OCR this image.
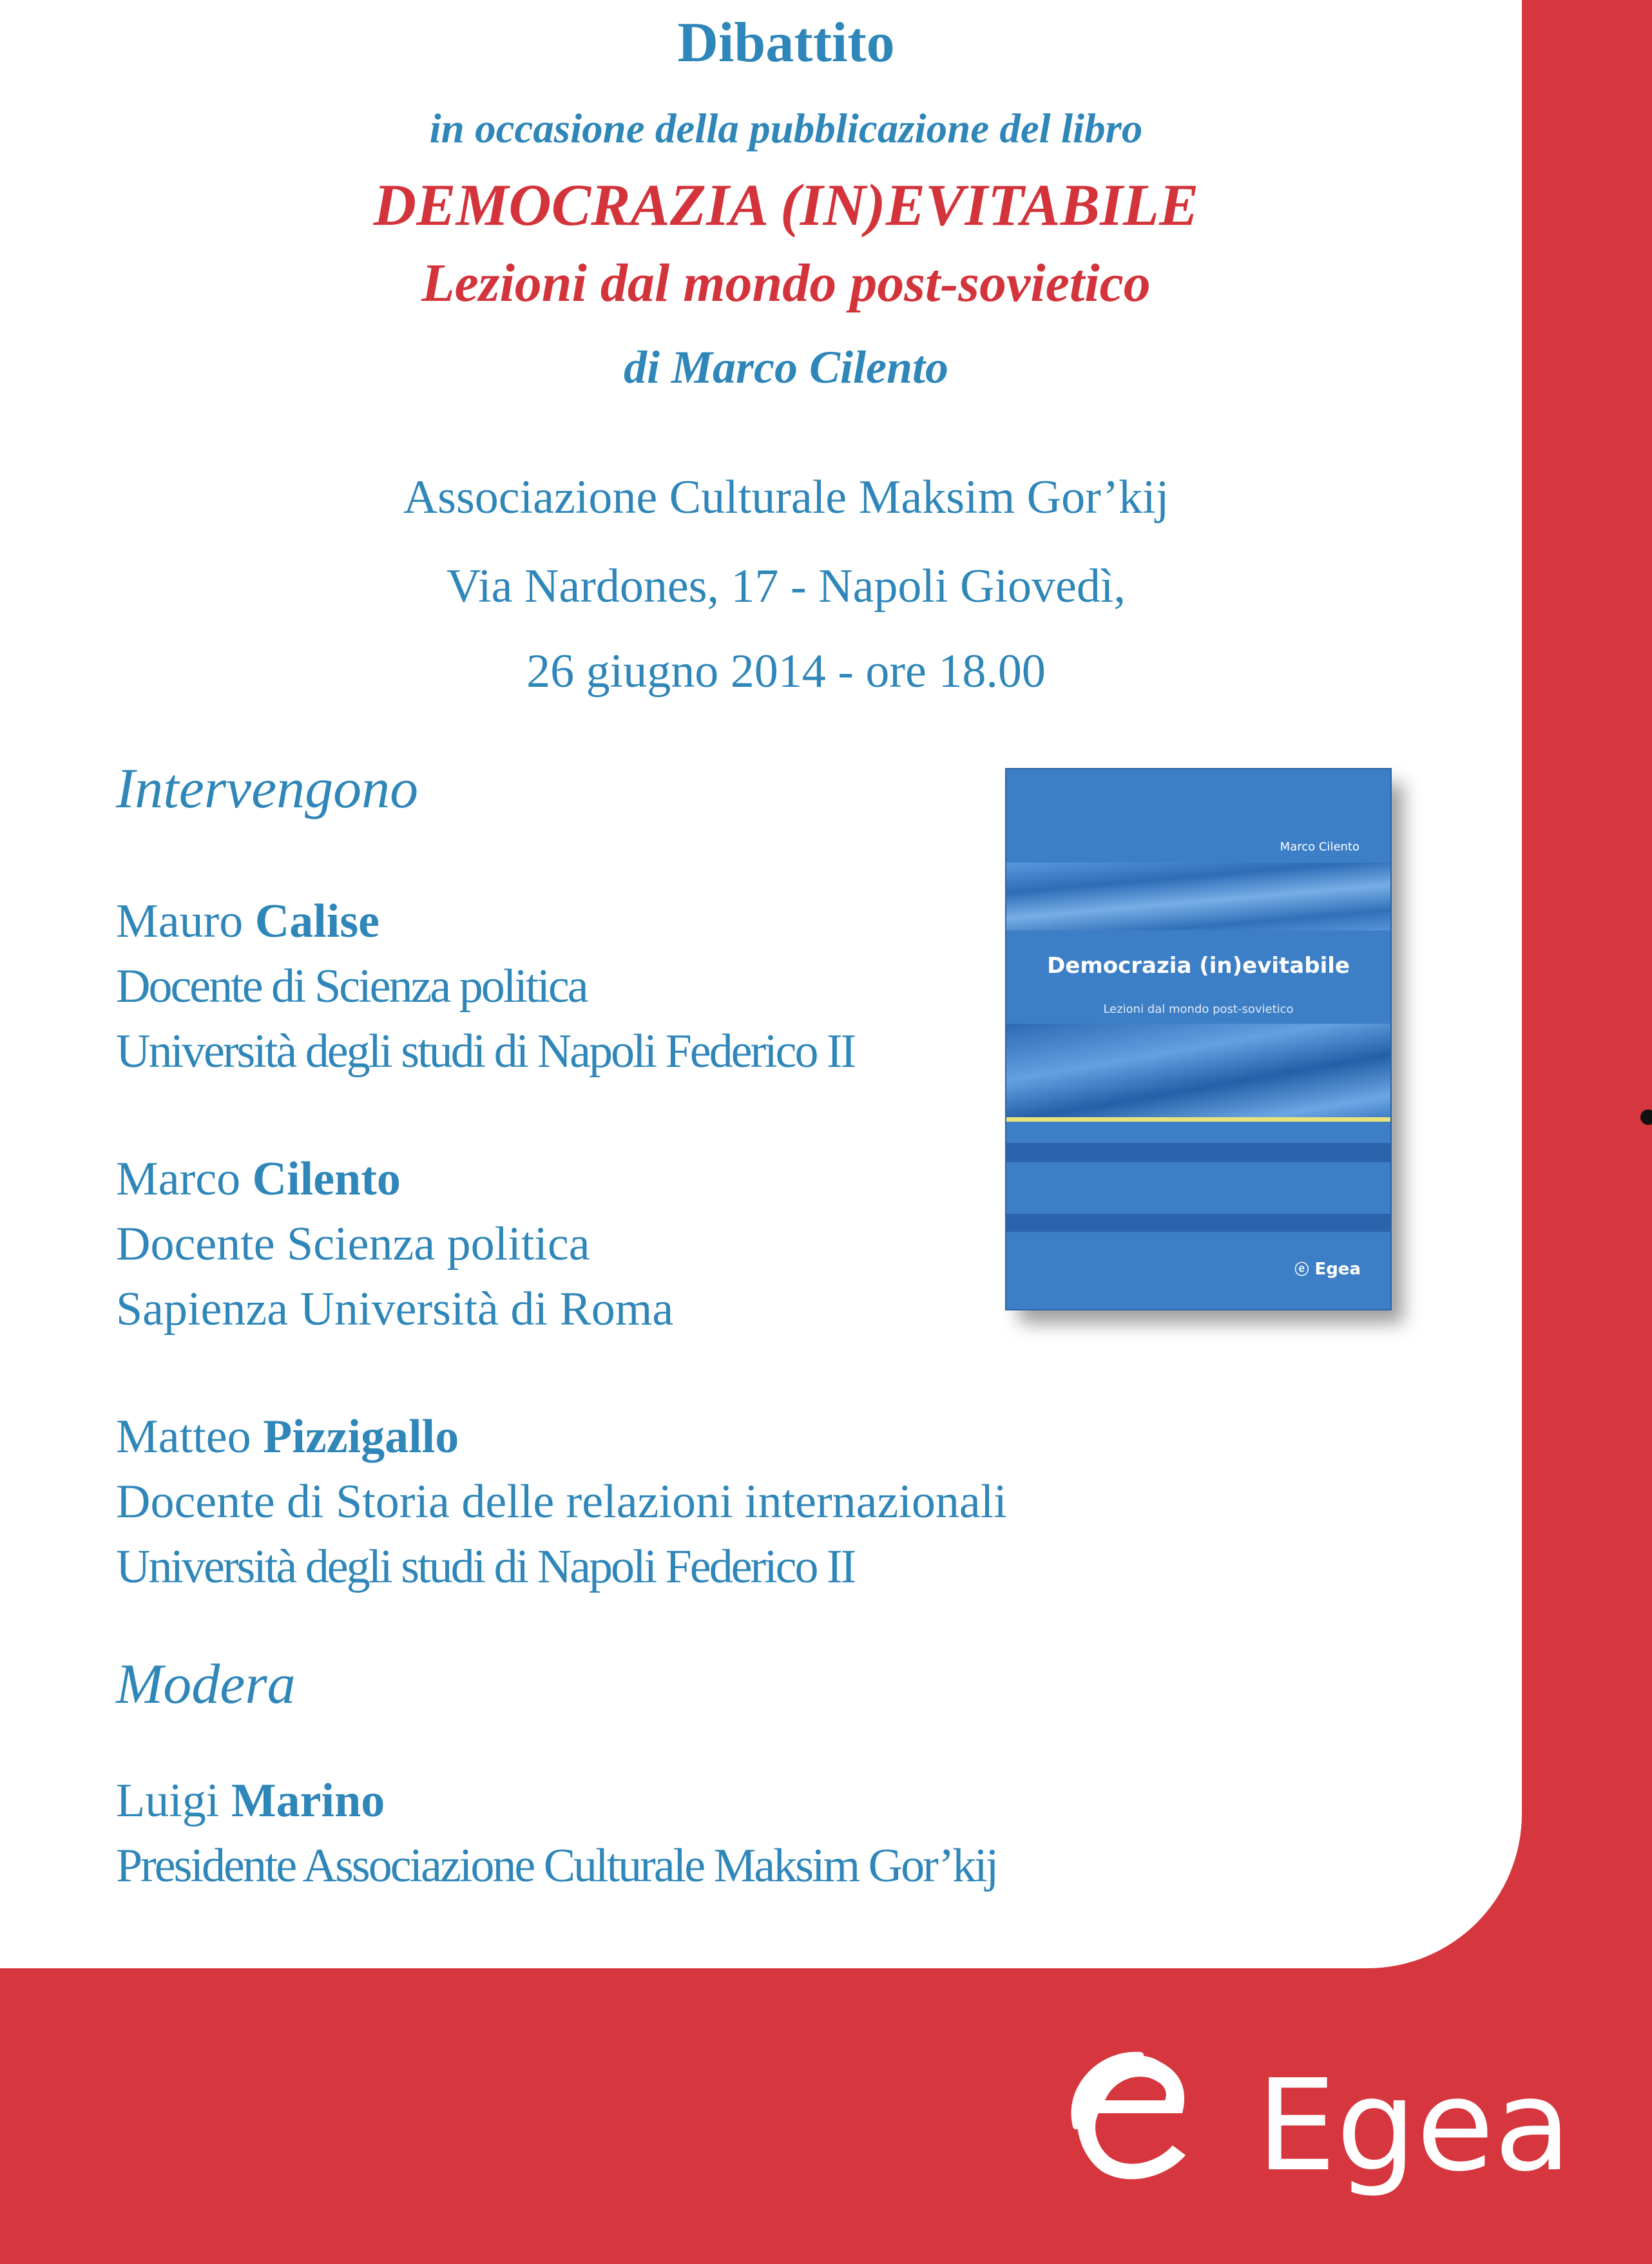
Dibattito
in occasione della pubblicazione del libro
DEMOCRAZIA (IN)EVITABILE
Lezioni dal mondo post-sovietico
di Marco Cilento
Associazione Culturale Maksim Gor’kij
Via Nardones, 17 - Napoli Giovedì,
26 giugno 2014 - ore 18.00
Intervengono
Mauro Calise
Docente di Scienza politica
Università degli studi di Napoli Federico II
Marco Cilento
Docente Scienza politica
Sapienza Università di Roma
Matteo Pizzigallo
Docente di Storia delle relazioni internazionali
Università degli studi di Napoli Federico II
Modera
Luigi Marino
Presidente Associazione Culturale Maksim Gor’kij
Marco Cilento
Democrazia (in)evitabile
Lezioni dal mondo post-sovietico
ⓔ Egea
Egea
